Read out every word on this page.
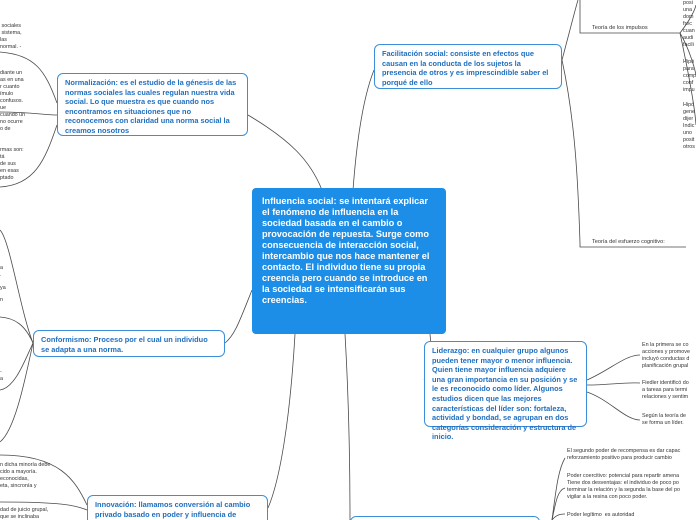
Influencia social: se intentará explicar el fenómeno de influencia en la sociedad basada en el cambio o provocación de repuesta. Surge como consecuencia de interacción social, intercambio que nos hace mantener el contacto. El individuo tiene su propia creencia pero cuando se introduce en la sociedad se intensificarán sus creencias.
Normalización: es el estudio de la génesis de las normas sociales las cuales regulan nuestra vida social. Lo que muestra es que cuando nos encontramos en situaciones que no reconocemos con claridad una norma social la creamos nosotros
Conformismo: Proceso por el cual un individuo se adapta a una norma.
Innovación: llamamos conversión al cambio privado basado en poder y influencia de
Facilitación social: consiste en efectos que causan en la conducta de los sujetos la presencia de otros y es imprescindible saber el porqué de ello
Liderazgo: en cualquier grupo algunos pueden tener mayor o menor influencia. Quien tiene mayor influencia adquiere una gran importancia en su posición y se le es reconocido como líder. Algunos estudios dicen que las mejores características del líder son: fortaleza, actividad y bondad, se agrupan en dos categorías consideración y estructura de inicio.
Teoría de los impulsos
Teoría del esfuerzo cognitivo:
sociales
sistema,
las
normal. -
diante un
as en una
r cuanto
ímulo
confusos.
ue
cuando un
no ocurre
o de
rmas son:
tá
de sus
en esas
ptado
a
.
ya
n
-
a
n dicha minoría debe
cido a mayoría.
econocidas,
eta, sincronía y
dad de juicio grupal,
que se inclinaba
posi
una
dom
frec
cuan
audi
facili
Hipó
para
comp
conf
impu
Hipó
gene
dijer
Indic
uno
posit
otros
En la primera se co
acciones y promove
incluyó conductas d
planificación grupal
Fiedler identificó do
a tareas para termi
relaciones y sentim
Según la teoría de
se forma un líder.
El segundo poder de recompensa es dar capac
reforzamiento positivo para producir cambio
Poder coercitivo: potencial para repartir amena
Tiene dos desventajas: el individuo de poco po
terminar la relación y la segunda la base del po
vigilar a la resina con poco poder.
Poder legítimo  es autoridad
